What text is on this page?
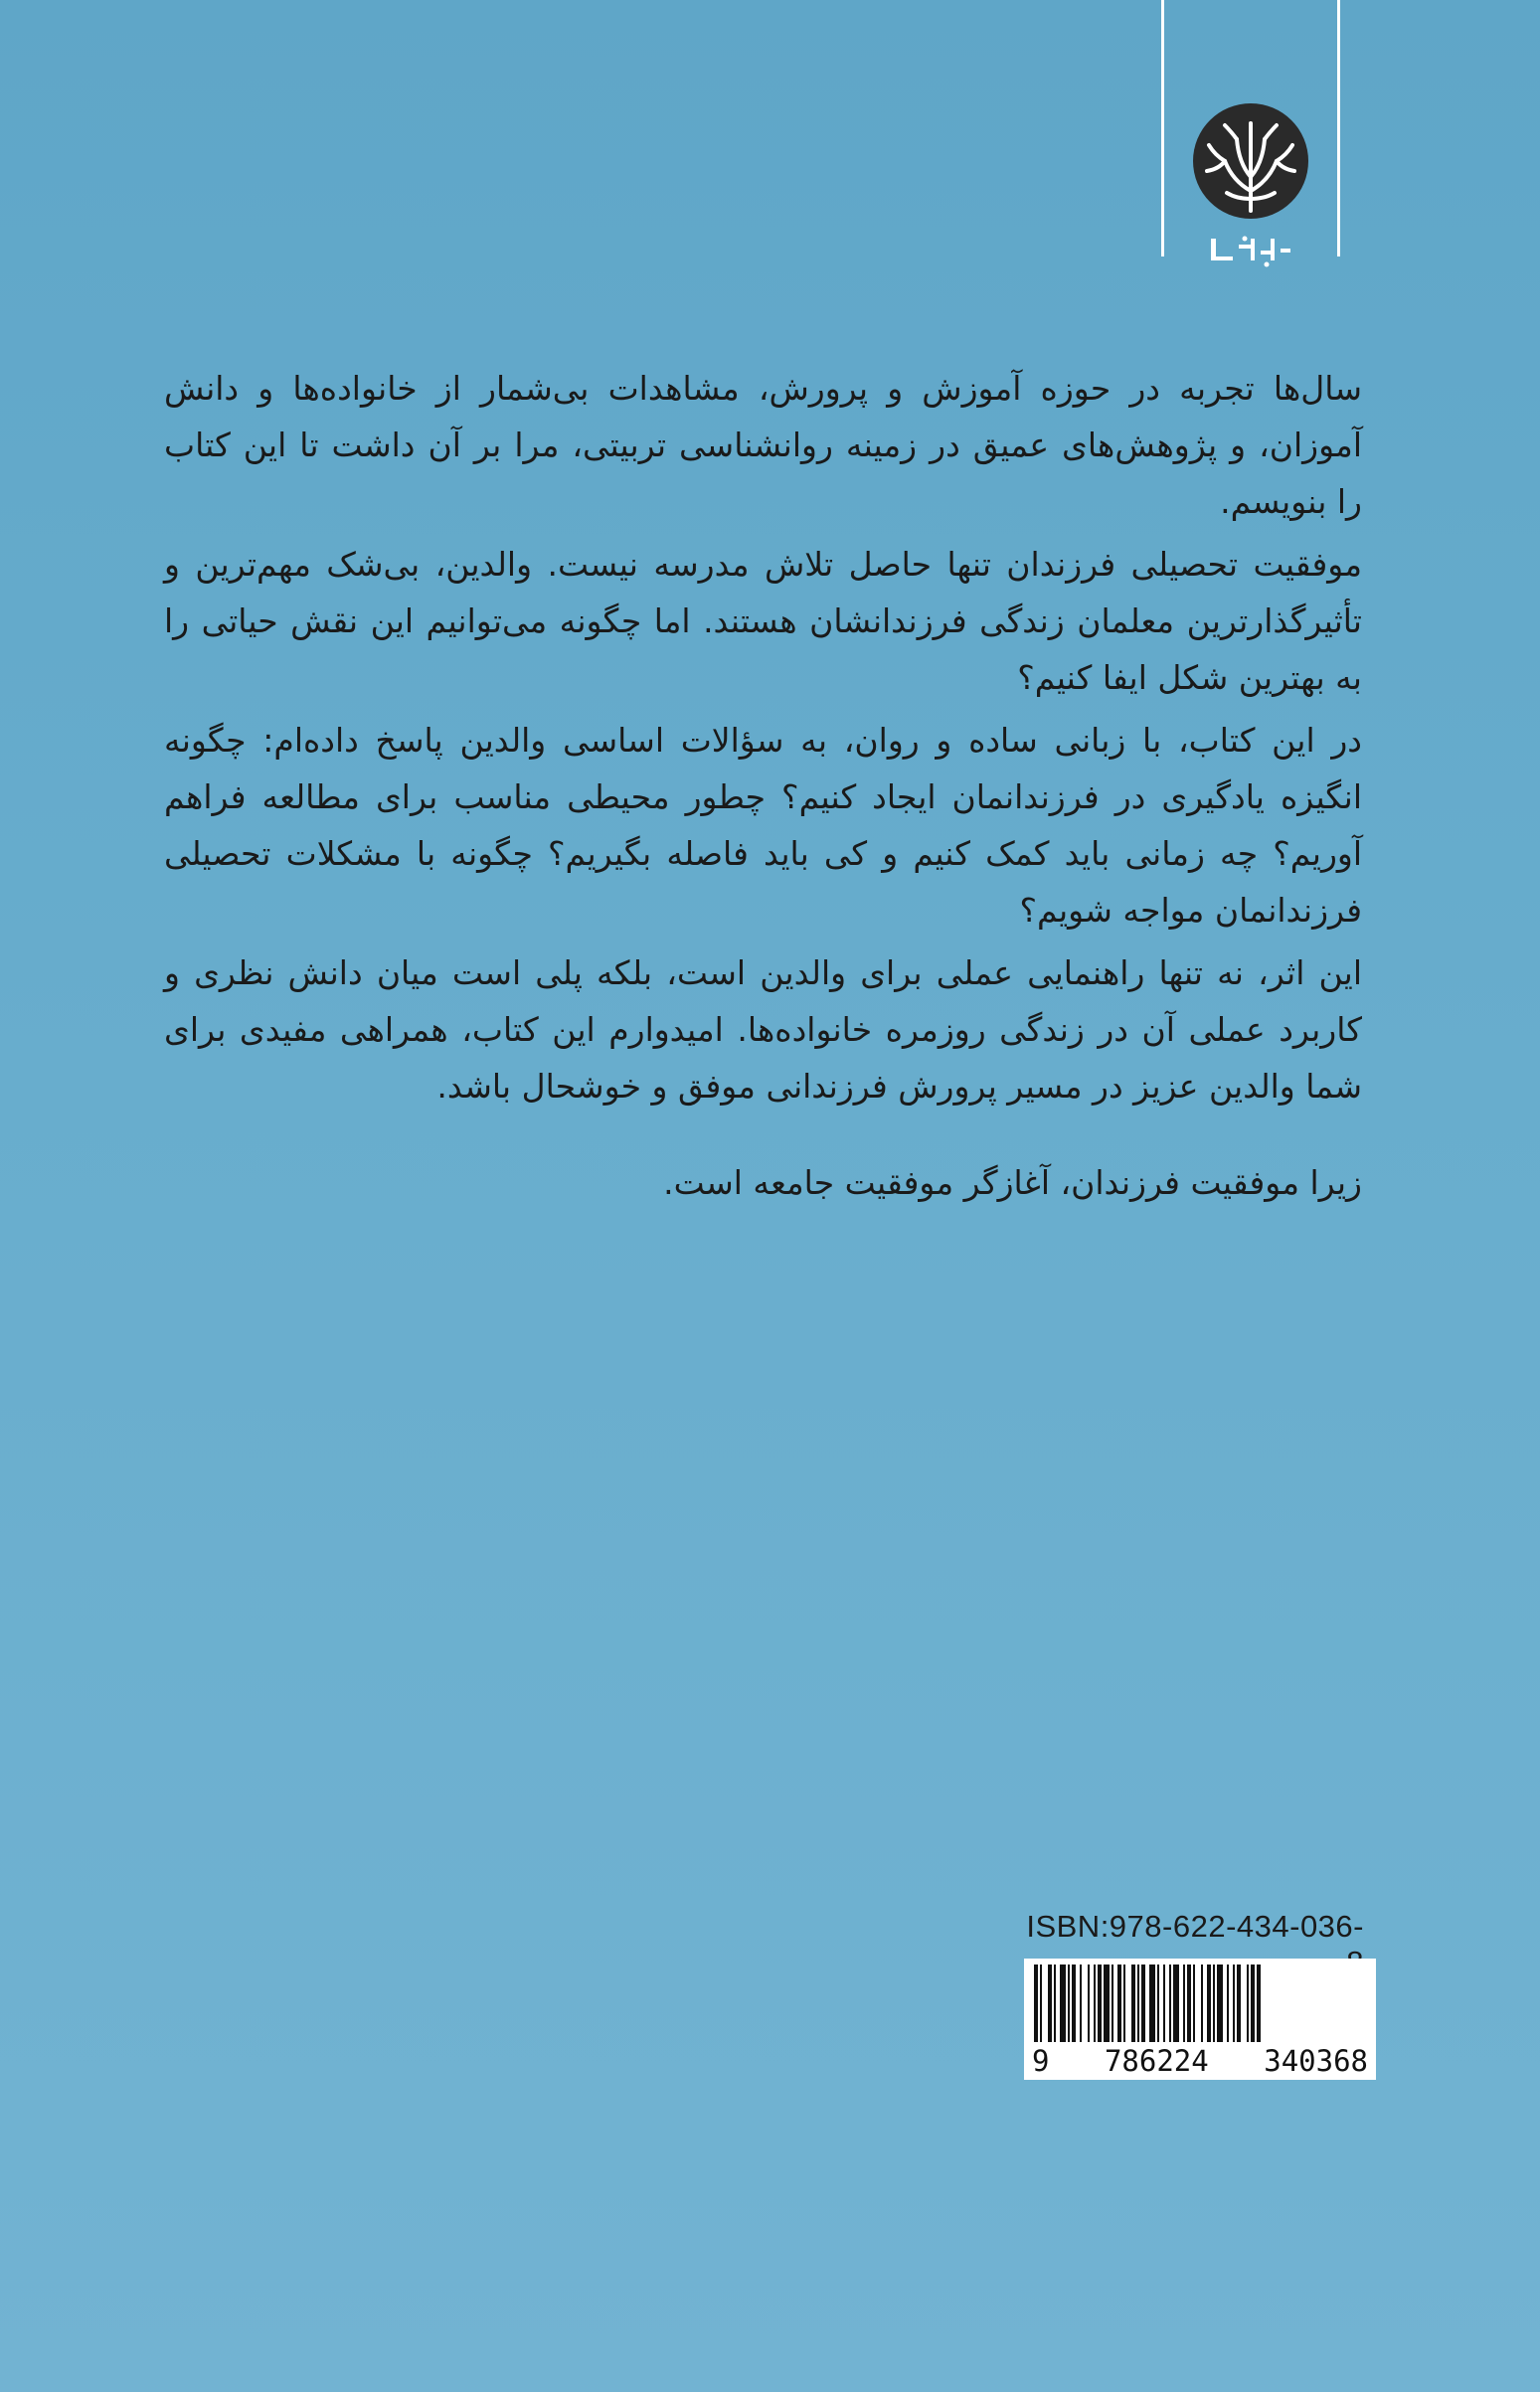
سال‌ها تجربه در حوزه آموزش و پرورش، مشاهدات بی‌شمار از خانواده‌ها و دانش آموزان، و پژوهش‌های عمیق در زمینه روانشناسی تربیتی، مرا بر آن داشت تا این کتاب را بنویسم.

موفقیت تحصیلی فرزندان تنها حاصل تلاش مدرسه نیست. والدین، بی‌شک مهم‌ترین و تأثیرگذارترین معلمان زندگی فرزندانشان هستند. اما چگونه می‌توانیم این نقش حیاتی را به بهترین شکل ایفا کنیم؟

در این کتاب، با زبانی ساده و روان، به سؤالات اساسی والدین پاسخ داده‌ام: چگونه انگیزه یادگیری در فرزندانمان ایجاد کنیم؟ چطور محیطی مناسب برای مطالعه فراهم آوریم؟ چه زمانی باید کمک کنیم و کی باید فاصله بگیریم؟ چگونه با مشکلات تحصیلی فرزندانمان مواجه شویم؟

این اثر، نه تنها راهنمایی عملی برای والدین است، بلکه پلی است میان دانش نظری و کاربرد عملی آن در زندگی روزمره خانواده‌ها. امیدوارم این کتاب، همراهی مفیدی برای شما والدین عزیز در مسیر پرورش فرزندانی موفق و خوشحال باشد.

زیرا موفقیت فرزندان، آغازگر موفقیت جامعه است.

ISBN:978-622-434-036-
9 786224 340368
